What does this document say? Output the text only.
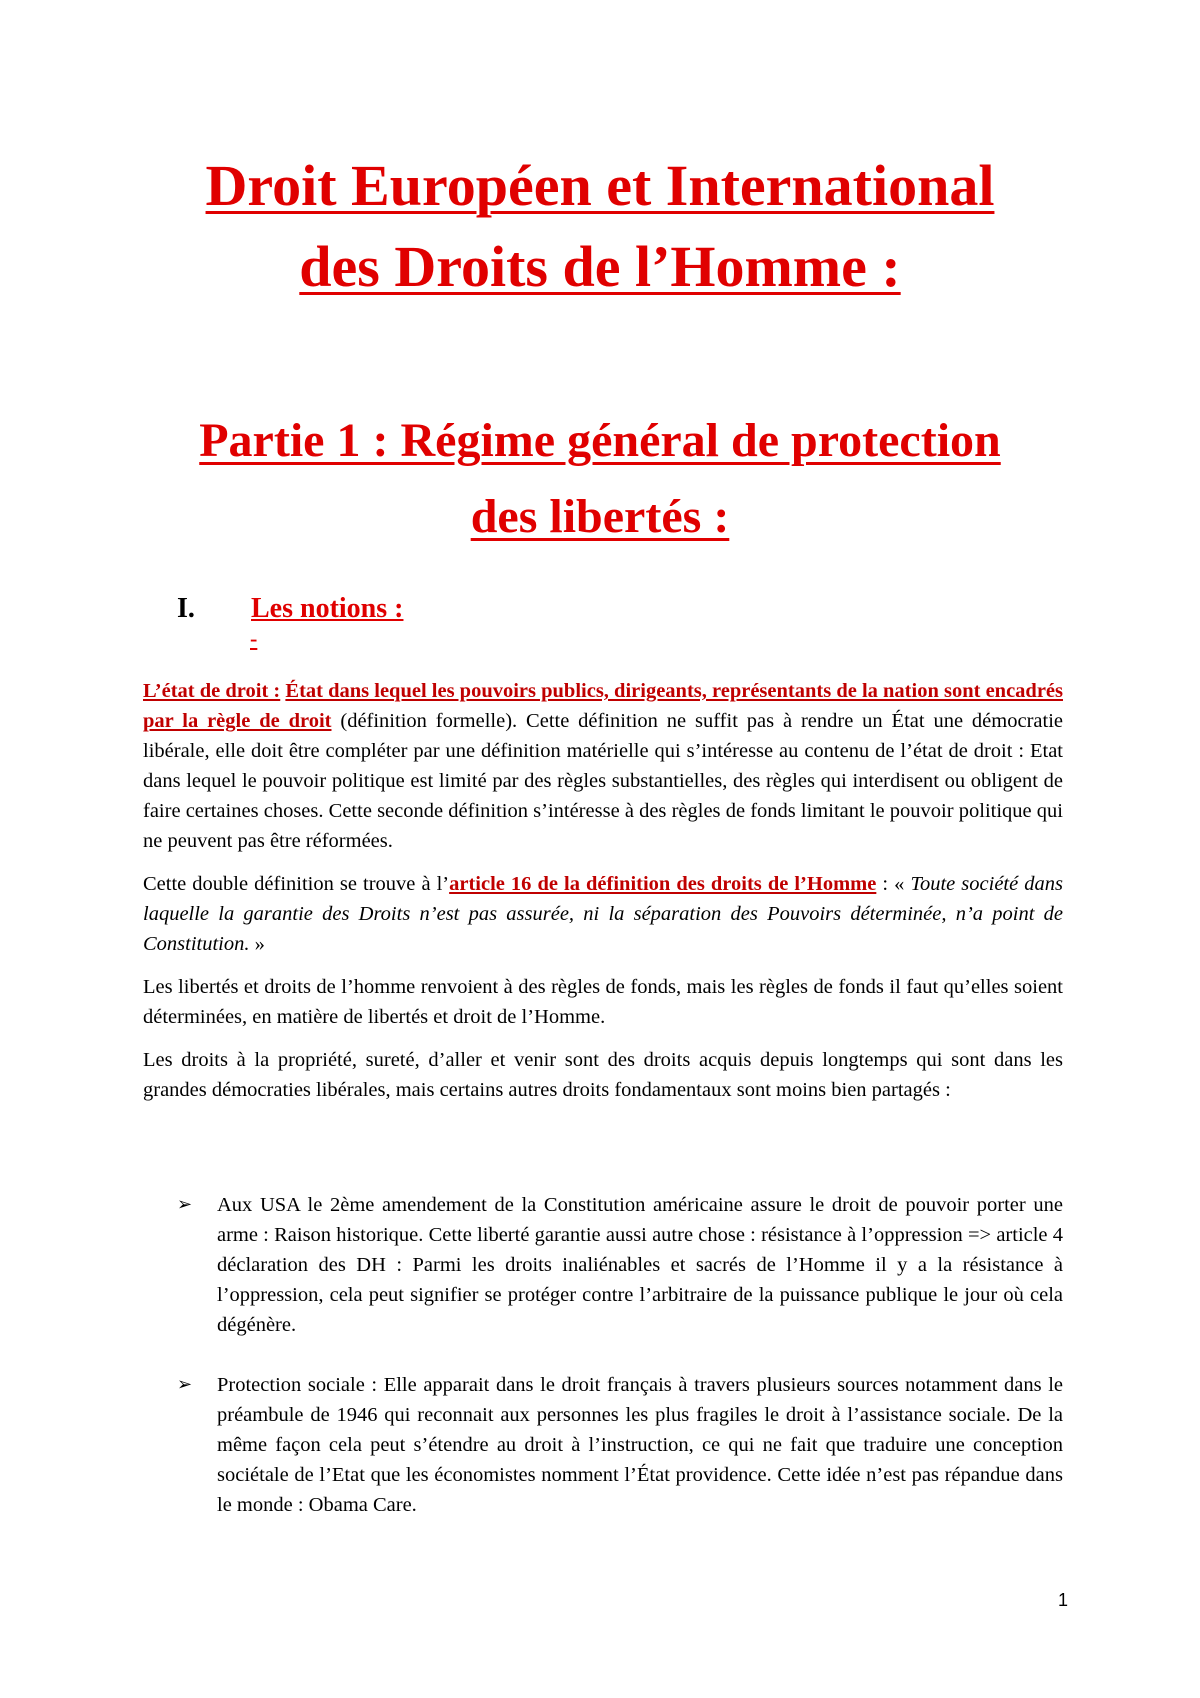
Droit Européen et International
des Droits de l’Homme :
Partie 1 : Régime général de protection
des libertés :
I. Les notions :
-

L’état de droit : État dans lequel les pouvoirs publics, dirigeants, représentants de la nation sont encadrés par la règle de droit (définition formelle). Cette définition ne suffit pas à rendre un État une démocratie libérale, elle doit être compléter par une définition matérielle qui s’intéresse au contenu de l’état de droit : Etat dans lequel le pouvoir politique est limité par des règles substantielles, des règles qui interdisent ou obligent de faire certaines choses. Cette seconde définition s’intéresse à des règles de fonds limitant le pouvoir politique qui ne peuvent pas être réformées.

Cette double définition se trouve à l’article 16 de la définition des droits de l’Homme : « Toute société dans laquelle la garantie des Droits n’est pas assurée, ni la séparation des Pouvoirs déterminée, n’a point de Constitution. »

Les libertés et droits de l’homme renvoient à des règles de fonds, mais les règles de fonds il faut qu’elles soient déterminées, en matière de libertés et droit de l’Homme.

Les droits à la propriété, sureté, d’aller et venir sont des droits acquis depuis longtemps qui sont dans les grandes démocraties libérales, mais certains autres droits fondamentaux sont moins bien partagés :

➢ Aux USA le 2ème amendement de la Constitution américaine assure le droit de pouvoir porter une arme : Raison historique. Cette liberté garantie aussi autre chose : résistance à l’oppression => article 4 déclaration des DH : Parmi les droits inaliénables et sacrés de l’Homme il y a la résistance à l’oppression, cela peut signifier se protéger contre l’arbitraire de la puissance publique le jour où cela dégénère.

➢ Protection sociale : Elle apparait dans le droit français à travers plusieurs sources notamment dans le préambule de 1946 qui reconnait aux personnes les plus fragiles le droit à l’assistance sociale. De la même façon cela peut s’étendre au droit à l’instruction, ce qui ne fait que traduire une conception sociétale de l’Etat que les économistes nomment l’État providence. Cette idée n’est pas répandue dans le monde : Obama Care.

1
